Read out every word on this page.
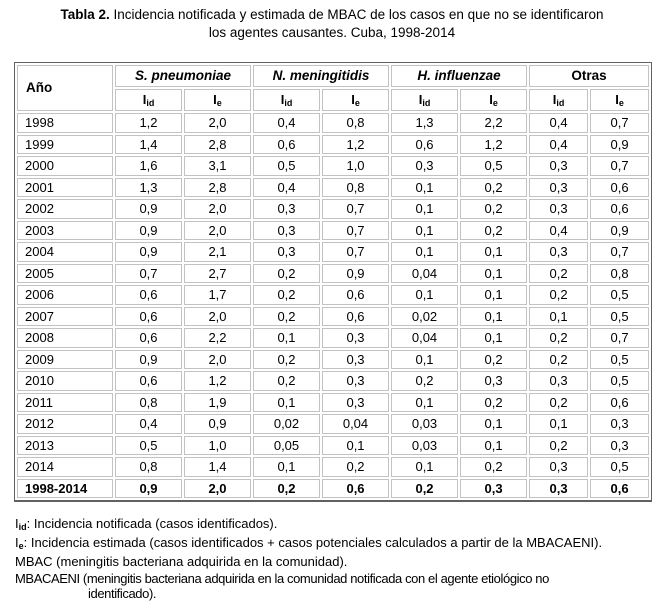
Tabla 2. Incidencia notificada y estimada de MBAC de los casos en que no se identificaron
los agentes causantes. Cuba, 1998-2014
Año	S. pneumoniae		N. meningitidis		H. influenzae		Otras	
	$I_{id}$	$I_e$	$I_{id}$	$I_e$	$I_{id}$	$I_e$	$I_{id}$	$I_e$
1998	1,2	2,0	0,4	0,8	1,3	2,2	0,4	0,7
1999	1,4	2,8	0,6	1,2	0,6	1,2	0,4	0,9
2000	1,6	3,1	0,5	1,0	0,3	0,5	0,3	0,7
2001	1,3	2,8	0,4	0,8	0,1	0,2	0,3	0,6
2002	0,9	2,0	0,3	0,7	0,1	0,2	0,3	0,6
2003	0,9	2,0	0,3	0,7	0,1	0,2	0,4	0,9
2004	0,9	2,1	0,3	0,7	0,1	0,1	0,3	0,7
2005	0,7	2,7	0,2	0,9	0,04	0,1	0,2	0,8
2006	0,6	1,7	0,2	0,6	0,1	0,1	0,2	0,5
2007	0,6	2,0	0,2	0,6	0,02	0,1	0,1	0,5
2008	0,6	2,2	0,1	0,3	0,04	0,1	0,2	0,7
2009	0,9	2,0	0,2	0,3	0,1	0,2	0,2	0,5
2010	0,6	1,2	0,2	0,3	0,2	0,3	0,3	0,5
2011	0,8	1,9	0,1	0,3	0,1	0,2	0,2	0,6
2012	0,4	0,9	0,02	0,04	0,03	0,1	0,1	0,3
2013	0,5	1,0	0,05	0,1	0,03	0,1	0,2	0,3
2014	0,8	1,4	0,1	0,2	0,1	0,2	0,3	0,5
1998-2014	0,9	2,0	0,2	0,6	0,2	0,3	0,3	0,6
$I_{id}$: Incidencia notificada (casos identificados).
$I_e$: Incidencia estimada (casos identificados + casos potenciales calculados a partir de la MBACAENI).
MBAC (meningitis bacteriana adquirida en la comunidad).
MBACAENI (meningitis bacteriana adquirida en la comunidad notificada con el agente etiológico no
identificado).
